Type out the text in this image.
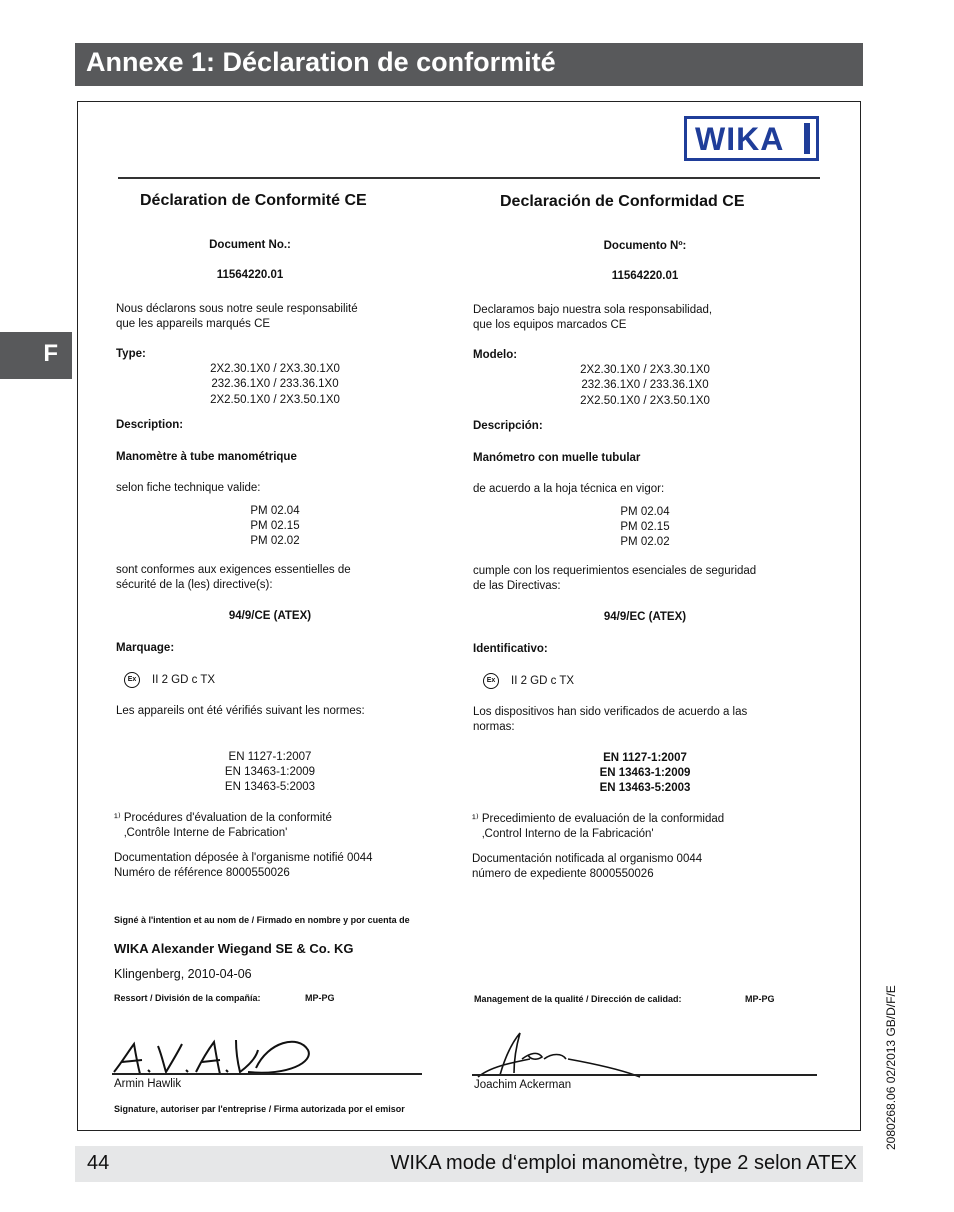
Annexe 1: Déclaration de conformité
F
WIKA
Déclaration de Conformité CE
Document No.:
11564220.01
Nous déclarons sous notre seule responsabilité
que les appareils marqués CE
Type:
2X2.30.1X0 / 2X3.30.1X0
232.36.1X0 / 233.36.1X0
2X2.50.1X0 / 2X3.50.1X0
Description:
Manomètre à tube manométrique
selon fiche technique valide:
PM 02.04
PM 02.15
PM 02.02
sont conformes aux exigences essentielles de
sécurité de la (les) directive(s):
94/9/CE (ATEX)
Marquage:
Ex	II 2 GD c TX
Les appareils ont été vérifiés suivant les normes:
EN 1127-1:2007
EN 13463-1:2009
EN 13463-5:2003
¹⁾ Procédures d'évaluation de la conformité
‚Contrôle Interne de Fabrication'
Documentation déposée à l'organisme notifié 0044
Numéro de référence 8000550026
Signé à l'intention et au nom de / Firmado en nombre y por cuenta de
WIKA Alexander Wiegand SE & Co. KG
Klingenberg, 2010-04-06
Ressort / División de la compañía:	MP-PG
Armin Hawlik
Signature, autoriser par l'entreprise / Firma autorizada por el emisor
Declaración de Conformidad CE
Documento Nº:
11564220.01
Declaramos bajo nuestra sola responsabilidad,
que los equipos marcados CE
Modelo:
2X2.30.1X0 / 2X3.30.1X0
232.36.1X0 / 233.36.1X0
2X2.50.1X0 / 2X3.50.1X0
Descripción:
Manómetro con muelle tubular
de acuerdo a la hoja técnica en vigor:
PM 02.04
PM 02.15
PM 02.02
cumple con los requerimientos esenciales de seguridad
de las Directivas:
94/9/EC (ATEX)
Identificativo:
Ex	II 2 GD c TX
Los dispositivos han sido verificados de acuerdo a las
normas:
EN 1127-1:2007
EN 13463-1:2009
EN 13463-5:2003
¹⁾ Precedimiento de evaluación de la conformidad
‚Control Interno de la Fabricación'
Documentación notificada al organismo 0044
número de expediente 8000550026
Management de la qualité / Dirección de calidad:	MP-PG
Joachim Ackerman	2080268.06 02/2013 GB/D/F/E
44	WIKA mode d‘emploi manomètre, type 2 selon ATEX
